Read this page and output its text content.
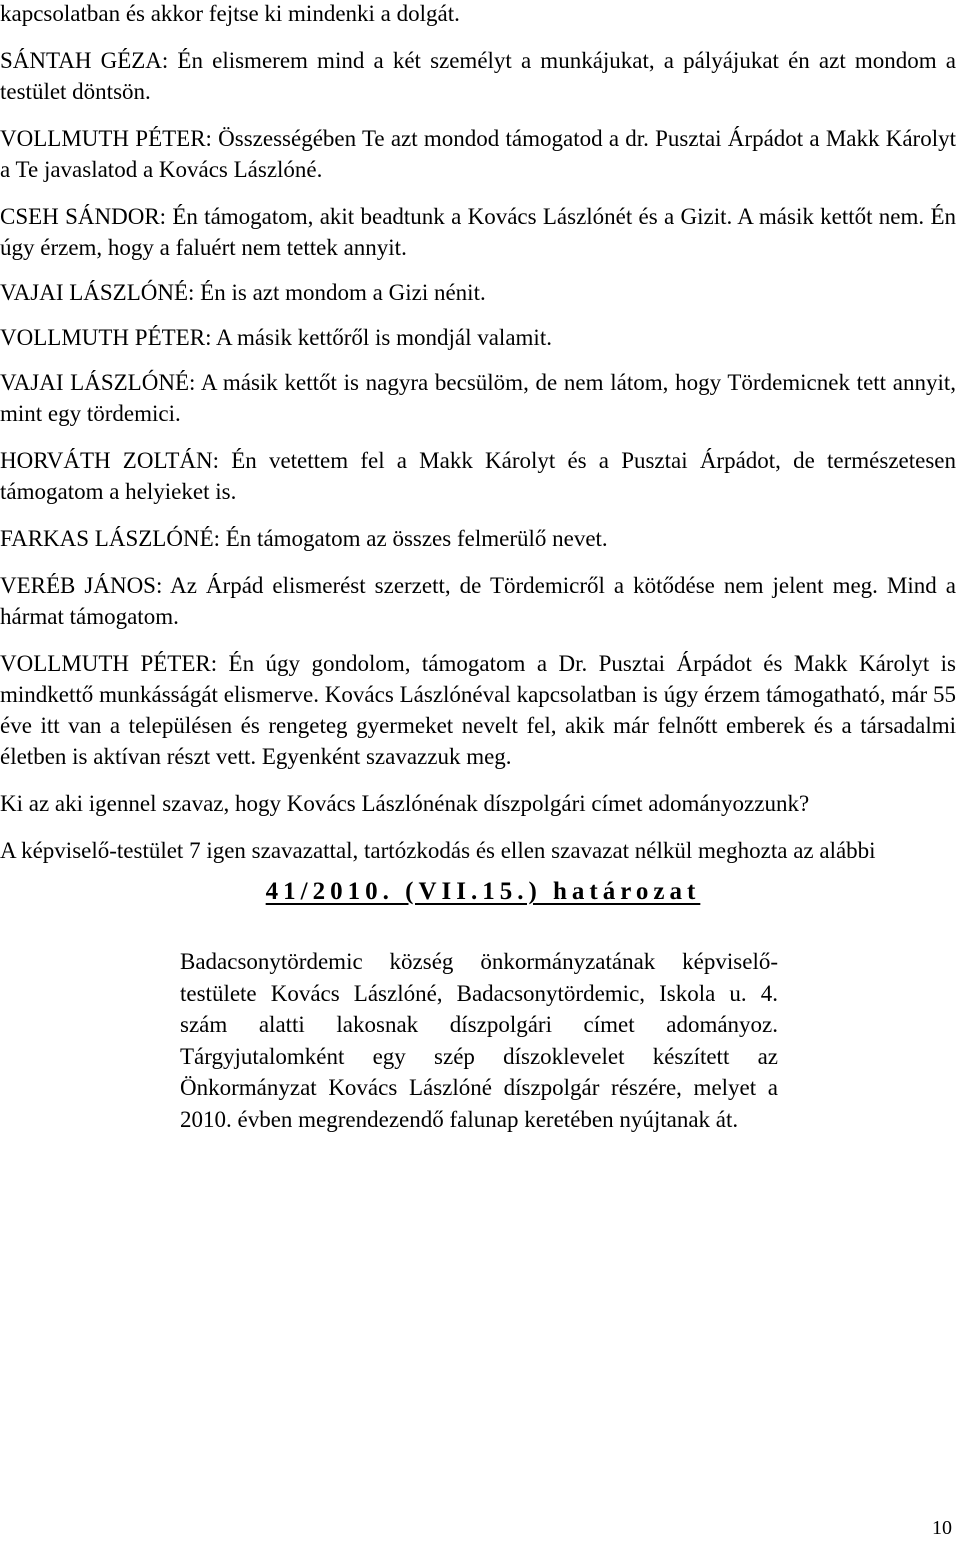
kapcsolatban és akkor fejtse ki mindenki a dolgát.

SÁNTAH GÉZA: Én elismerem mind a két személyt a munkájukat, a pályájukat én azt mondom a testület döntsön.

VOLLMUTH PÉTER: Összességében Te azt mondod támogatod a dr. Pusztai Árpádot a Makk Károlyt a Te javaslatod a Kovács Lászlóné.

CSEH SÁNDOR: Én támogatom, akit beadtunk a Kovács Lászlónét és a Gizit. A másik kettőt nem. Én úgy érzem, hogy a faluért nem tettek annyit.

VAJAI LÁSZLÓNÉ: Én is azt mondom a Gizi nénit.

VOLLMUTH PÉTER: A másik kettőről is mondjál valamit.

VAJAI LÁSZLÓNÉ: A másik kettőt is nagyra becsülöm, de nem látom, hogy Tördemicnek tett annyit, mint egy tördemici.

HORVÁTH ZOLTÁN: Én vetettem fel a Makk Károlyt és a Pusztai Árpádot, de természetesen támogatom a helyieket is.

FARKAS LÁSZLÓNÉ: Én támogatom az összes felmerülő nevet.

VERÉB JÁNOS: Az Árpád elismerést szerzett, de Tördemicről a kötődése nem jelent meg. Mind a hármat támogatom.

VOLLMUTH PÉTER: Én úgy gondolom, támogatom a Dr. Pusztai Árpádot és Makk Károlyt is mindkettő munkásságát elismerve. Kovács Lászlónéval kapcsolatban is úgy érzem támogatható, már 55 éve itt van a településen és rengeteg gyermeket nevelt fel, akik már felnőtt emberek és a társadalmi életben is aktívan részt vett. Egyenként szavazzuk meg.

Ki az aki igennel szavaz, hogy Kovács Lászlónénak díszpolgári címet adományozzunk?

A képviselő-testület 7 igen szavazattal, tartózkodás és ellen szavazat nélkül meghozta az alábbi

41/2010. (VII.15.) határozat

Badacsonytördemic község önkormányzatának képviselő-testülete Kovács Lászlóné, Badacsonytördemic, Iskola u. 4. szám alatti lakosnak díszpolgári címet adományoz. Tárgyjutalomként egy szép díszoklevelet készített az Önkormányzat Kovács Lászlóné díszpolgár részére, melyet a 2010. évben megrendezendő falunap keretében nyújtanak át.

10
